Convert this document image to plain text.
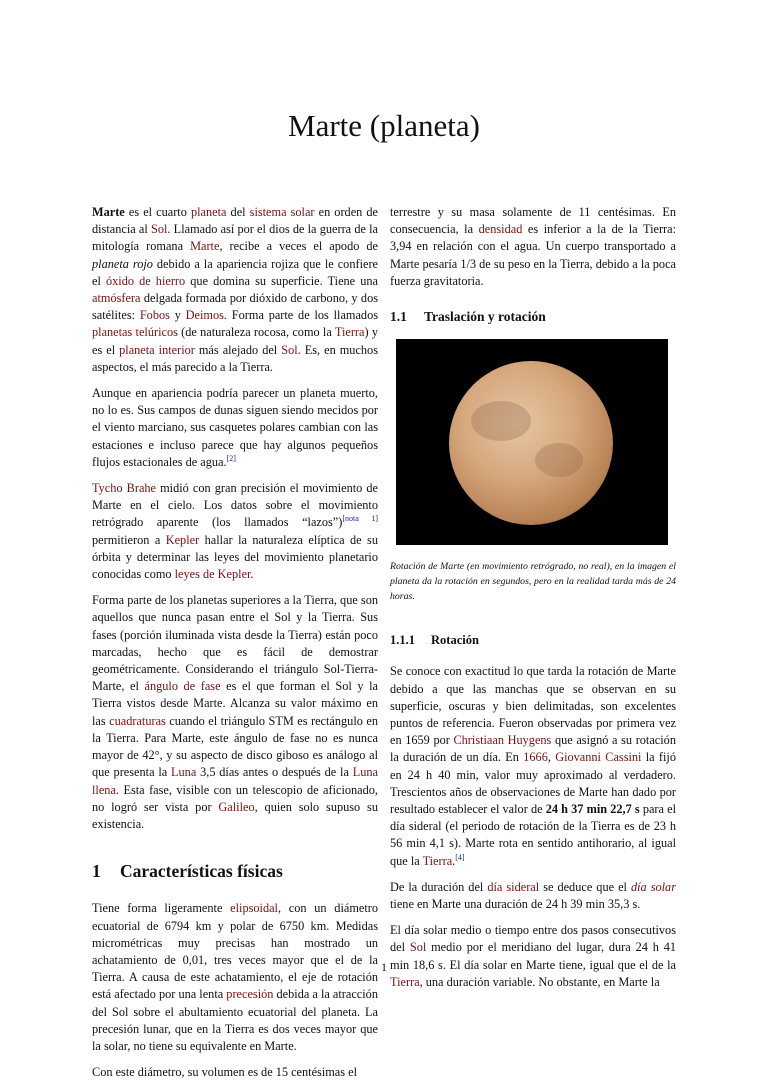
Marte (planeta)

Marte es el cuarto planeta del sistema solar en orden de distancia al Sol. Llamado así por el dios de la guerra de la mitología romana Marte, recibe a veces el apodo de planeta rojo debido a la apariencia rojiza que le confiere el óxido de hierro que domina su superficie. Tiene una atmósfera delgada formada por dióxido de carbono, y dos satélites: Fobos y Deimos. Forma parte de los llamados planetas telúricos (de naturaleza rocosa, como la Tierra) y es el planeta interior más alejado del Sol. Es, en muchos aspectos, el más parecido a la Tierra.

Aunque en apariencia podría parecer un planeta muerto, no lo es. Sus campos de dunas siguen siendo mecidos por el viento marciano, sus casquetes polares cambian con las estaciones e incluso parece que hay algunos pequeños flujos estacionales de agua.[2]

Tycho Brahe midió con gran precisión el movimiento de Marte en el cielo. Los datos sobre el movimiento retrógrado aparente (los llamados “lazos”)[nota 1] permitieron a Kepler hallar la naturaleza elíptica de su órbita y determinar las leyes del movimiento planetario conocidas como leyes de Kepler.

Forma parte de los planetas superiores a la Tierra, que son aquellos que nunca pasan entre el Sol y la Tierra. Sus fases (porción iluminada vista desde la Tierra) están poco marcadas, hecho que es fácil de demostrar geométricamente. Considerando el triángulo Sol-Tierra-Marte, el ángulo de fase es el que forman el Sol y la Tierra vistos desde Marte. Alcanza su valor máximo en las cuadraturas cuando el triángulo STM es rectángulo en la Tierra. Para Marte, este ángulo de fase no es nunca mayor de 42°, y su aspecto de disco giboso es análogo al que presenta la Luna 3,5 días antes o después de la Luna llena. Esta fase, visible con un telescopio de aficionado, no logró ser vista por Galileo, quien solo supuso su existencia.

1 Características físicas

Tiene forma ligeramente elipsoidal, con un diámetro ecuatorial de 6794 km y polar de 6750 km. Medidas micrométricas muy precisas han mostrado un achatamiento de 0,01, tres veces mayor que el de la Tierra. A causa de este achatamiento, el eje de rotación está afectado por una lenta precesión debida a la atracción del Sol sobre el abultamiento ecuatorial del planeta. La precesión lunar, que en la Tierra es dos veces mayor que la solar, no tiene su equivalente en Marte.

Con este diámetro, su volumen es de 15 centésimas el

terrestre y su masa solamente de 11 centésimas. En consecuencia, la densidad es inferior a la de la Tierra: 3,94 en relación con el agua. Un cuerpo transportado a Marte pesaría 1/3 de su peso en la Tierra, debido a la poca fuerza gravitatoria.

1.1 Traslación y rotación

Rotación de Marte (en movimiento retrógrado, no real), en la imagen el planeta da la rotación en segundos, pero en la realidad tarda más de 24 horas.

1.1.1 Rotación

Se conoce con exactitud lo que tarda la rotación de Marte debido a que las manchas que se observan en su superficie, oscuras y bien delimitadas, son excelentes puntos de referencia. Fueron observadas por primera vez en 1659 por Christiaan Huygens que asignó a su rotación la duración de un día. En 1666, Giovanni Cassini la fijó en 24 h 40 min, valor muy aproximado al verdadero. Trescientos años de observaciones de Marte han dado por resultado establecer el valor de 24 h 37 min 22,7 s para el día sideral (el periodo de rotación de la Tierra es de 23 h 56 min 4,1 s). Marte rota en sentido antihorario, al igual que la Tierra.[4]

De la duración del día sideral se deduce que el día solar tiene en Marte una duración de 24 h 39 min 35,3 s.

El día solar medio o tiempo entre dos pasos consecutivos del Sol medio por el meridiano del lugar, dura 24 h 41 min 18,6 s. El día solar en Marte tiene, igual que el de la Tierra, una duración variable. No obstante, en Marte la

1
